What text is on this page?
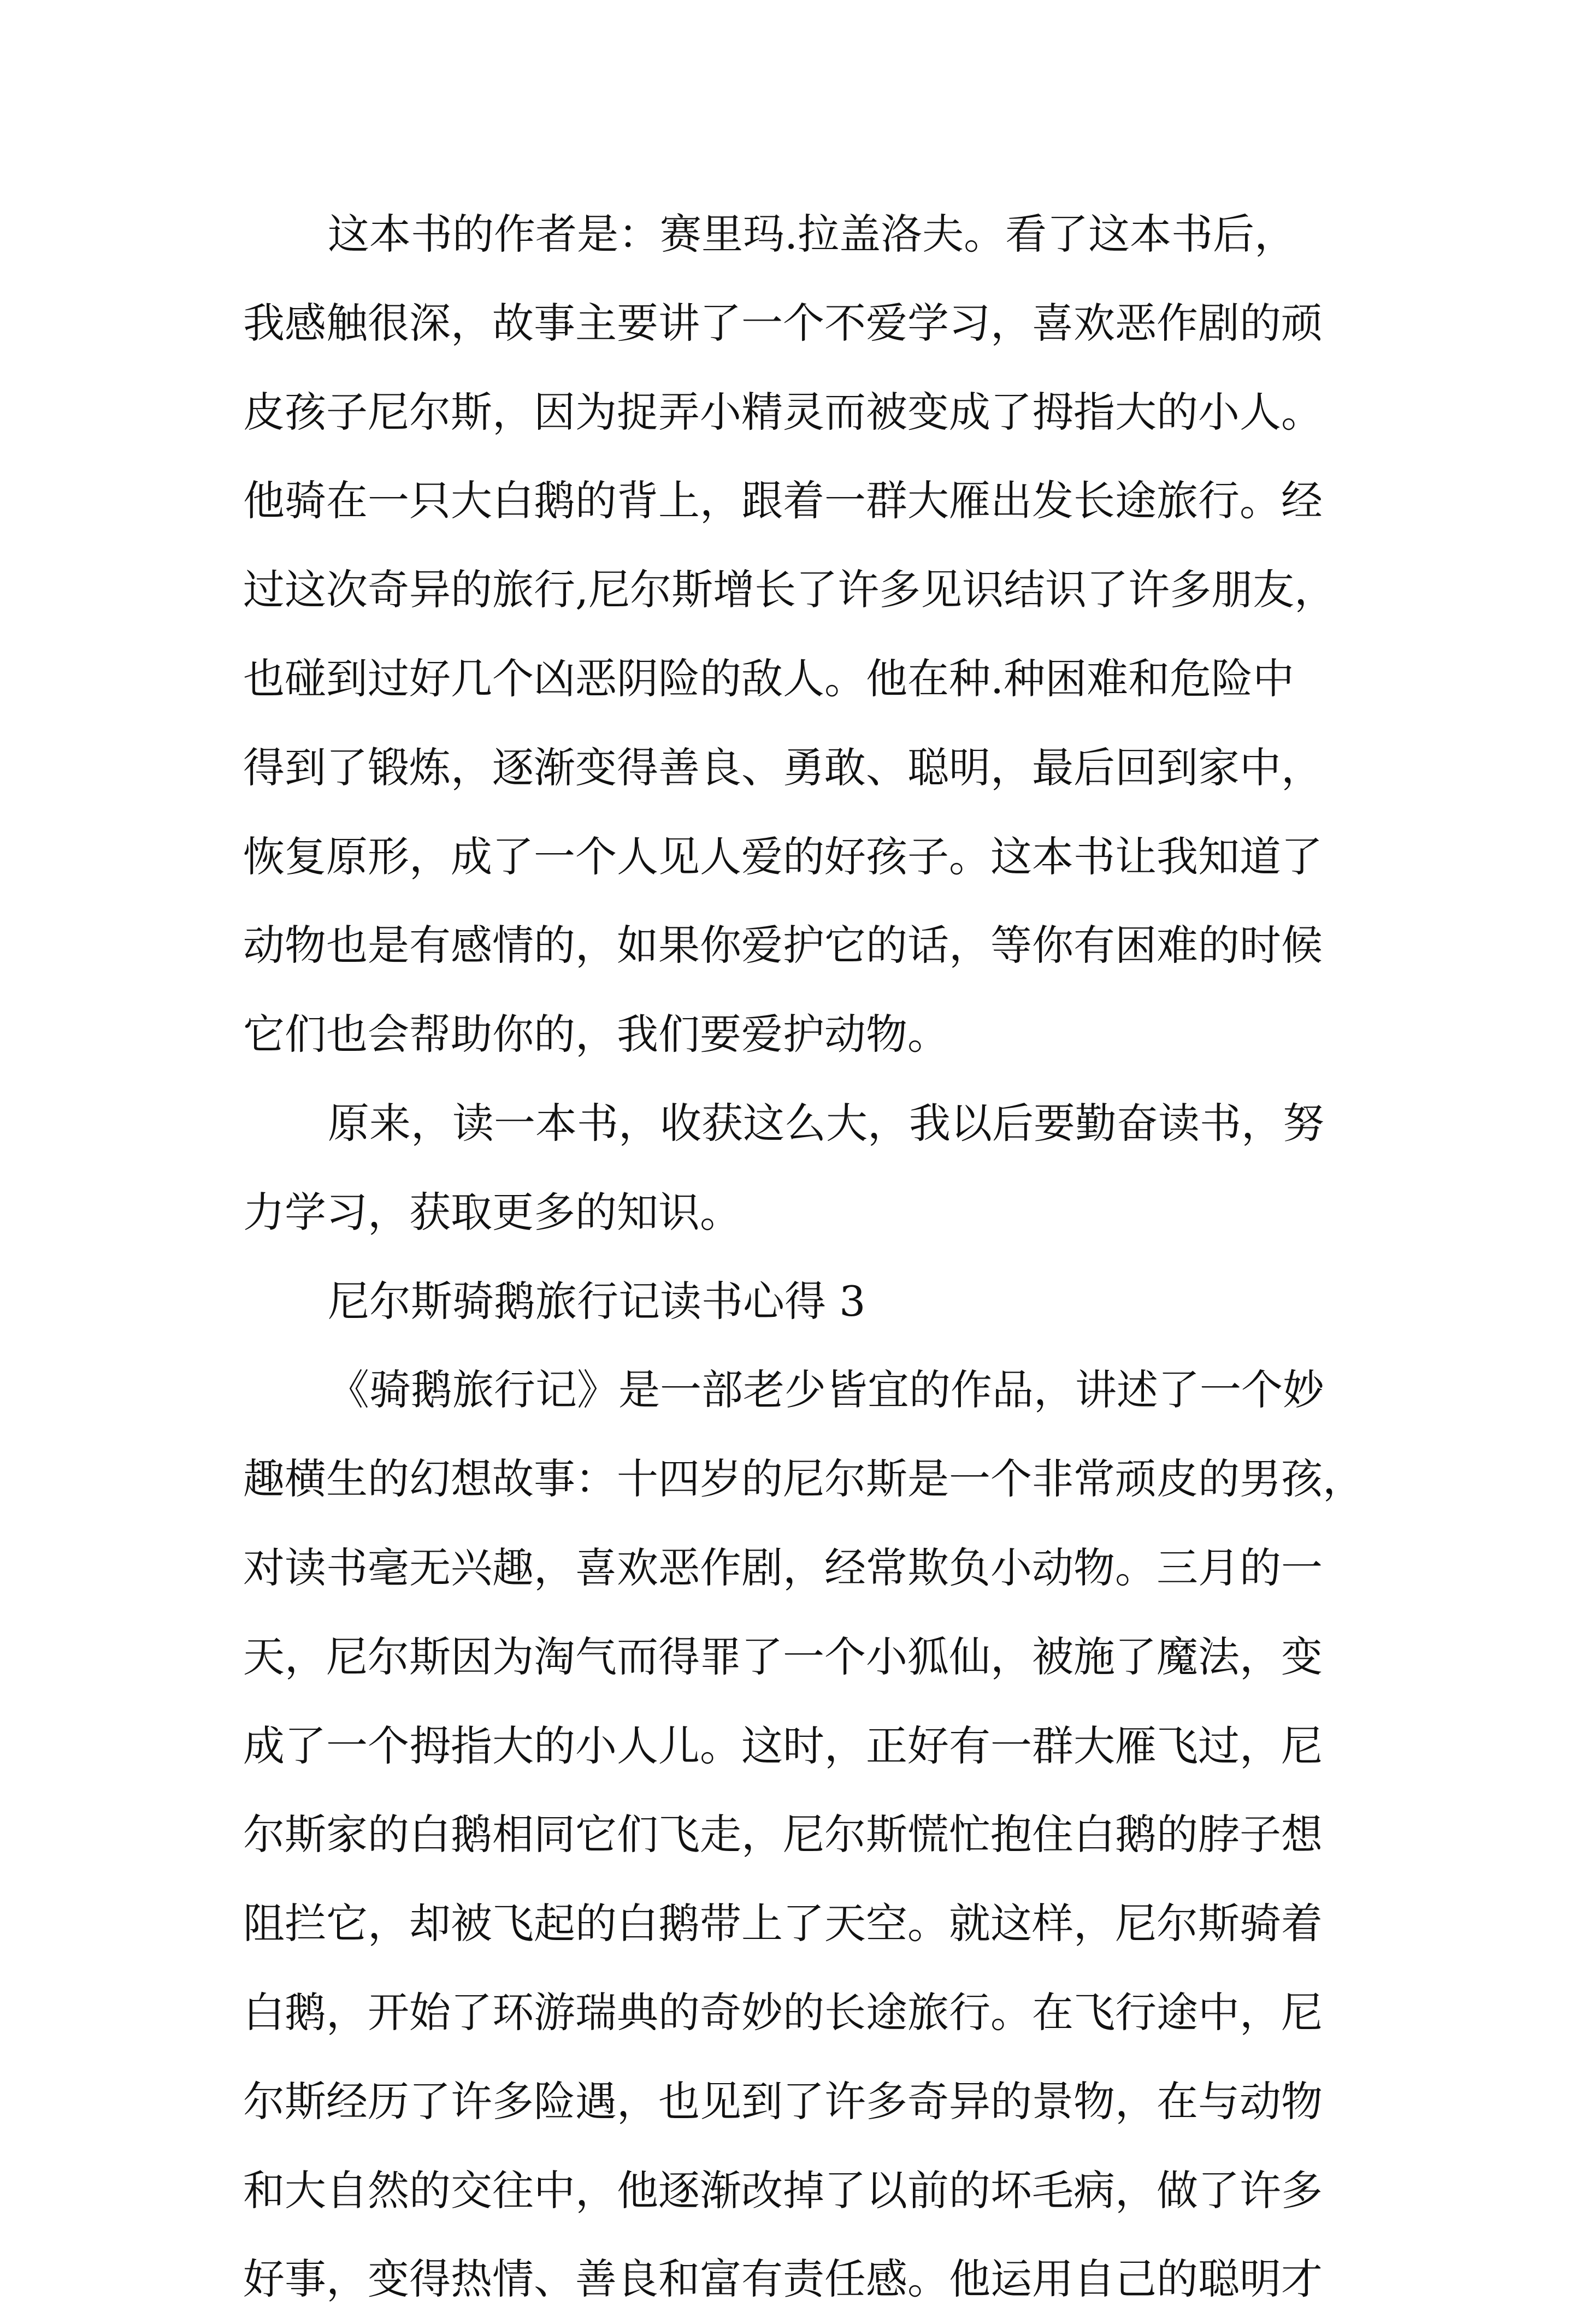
这本书的作者是：赛里玛.拉盖洛夫。看了这本书后，
我感触很深，故事主要讲了一个不爱学习，喜欢恶作剧的顽
皮孩子尼尔斯，因为捉弄小精灵而被变成了拇指大的小人。
他骑在一只大白鹅的背上，跟着一群大雁出发长途旅行。经
过这次奇异的旅行,尼尔斯增长了许多见识结识了许多朋友，
也碰到过好几个凶恶阴险的敌人。他在种.种困难和危险中
得到了锻炼，逐渐变得善良、勇敢、聪明，最后回到家中，
恢复原形，成了一个人见人爱的好孩子。这本书让我知道了
动物也是有感情的，如果你爱护它的话，等你有困难的时候
它们也会帮助你的，我们要爱护动物。
原来，读一本书，收获这么大，我以后要勤奋读书，努
力学习，获取更多的知识。
尼尔斯骑鹅旅行记读书心得 3
《骑鹅旅行记》是一部老少皆宜的作品，讲述了一个妙
趣横生的幻想故事：十四岁的尼尔斯是一个非常顽皮的男孩，
对读书毫无兴趣，喜欢恶作剧，经常欺负小动物。三月的一
天，尼尔斯因为淘气而得罪了一个小狐仙，被施了魔法，变
成了一个拇指大的小人儿。这时，正好有一群大雁飞过，尼
尔斯家的白鹅相同它们飞走，尼尔斯慌忙抱住白鹅的脖子想
阻拦它，却被飞起的白鹅带上了天空。就这样，尼尔斯骑着
白鹅，开始了环游瑞典的奇妙的长途旅行。在飞行途中，尼
尔斯经历了许多险遇，也见到了许多奇异的景物，在与动物
和大自然的交往中，他逐渐改掉了以前的坏毛病，做了许多
好事，变得热情、善良和富有责任感。他运用自己的聪明才
